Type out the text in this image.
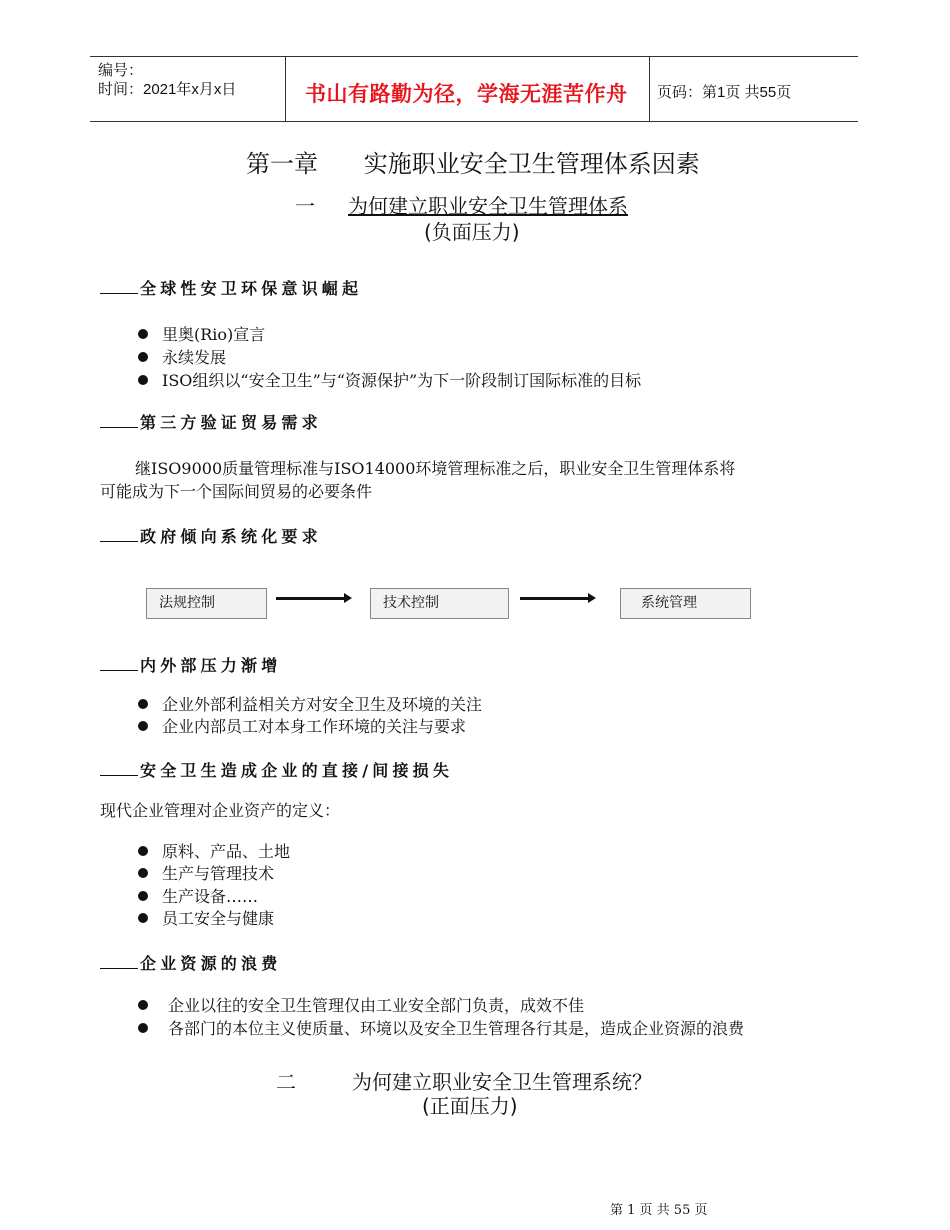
编号：
时间：2021年x月x日	书山有路勤为径，学海无涯苦作舟 页码：第1页 共55页
第一章      实施职业安全卫生管理体系因素
一 为何建立职业安全卫生管理体系
(负面压力)
全球性安卫环保意识崛起
里奥(Rio)宣言
永续发展
ISO组织以“安全卫生”与“资源保护”为下一阶段制订国际标准的目标
第三方验证贸易需求
继ISO9000质量管理标准与ISO14000环境管理标准之后，职业安全卫生管理体系将
可能成为下一个国际间贸易的必要条件
政府倾向系统化要求
法规控制	技术控制	系统管理
内外部压力渐增
企业外部利益相关方对安全卫生及环境的关注
企业内部员工对本身工作环境的关注与要求
安全卫生造成企业的直接/间接损失
现代企业管理对企业资产的定义：
原料、产品、土地
生产与管理技术
生产设备……
员工安全与健康
企业资源的浪费
企业以往的安全卫生管理仅由工业安全部门负责，成效不佳
各部门的本位主义使质量、环境以及安全卫生管理各行其是，造成企业资源的浪费
二	为何建立职业安全卫生管理系统？
(正面压力)
第 1 页 共 55 页
